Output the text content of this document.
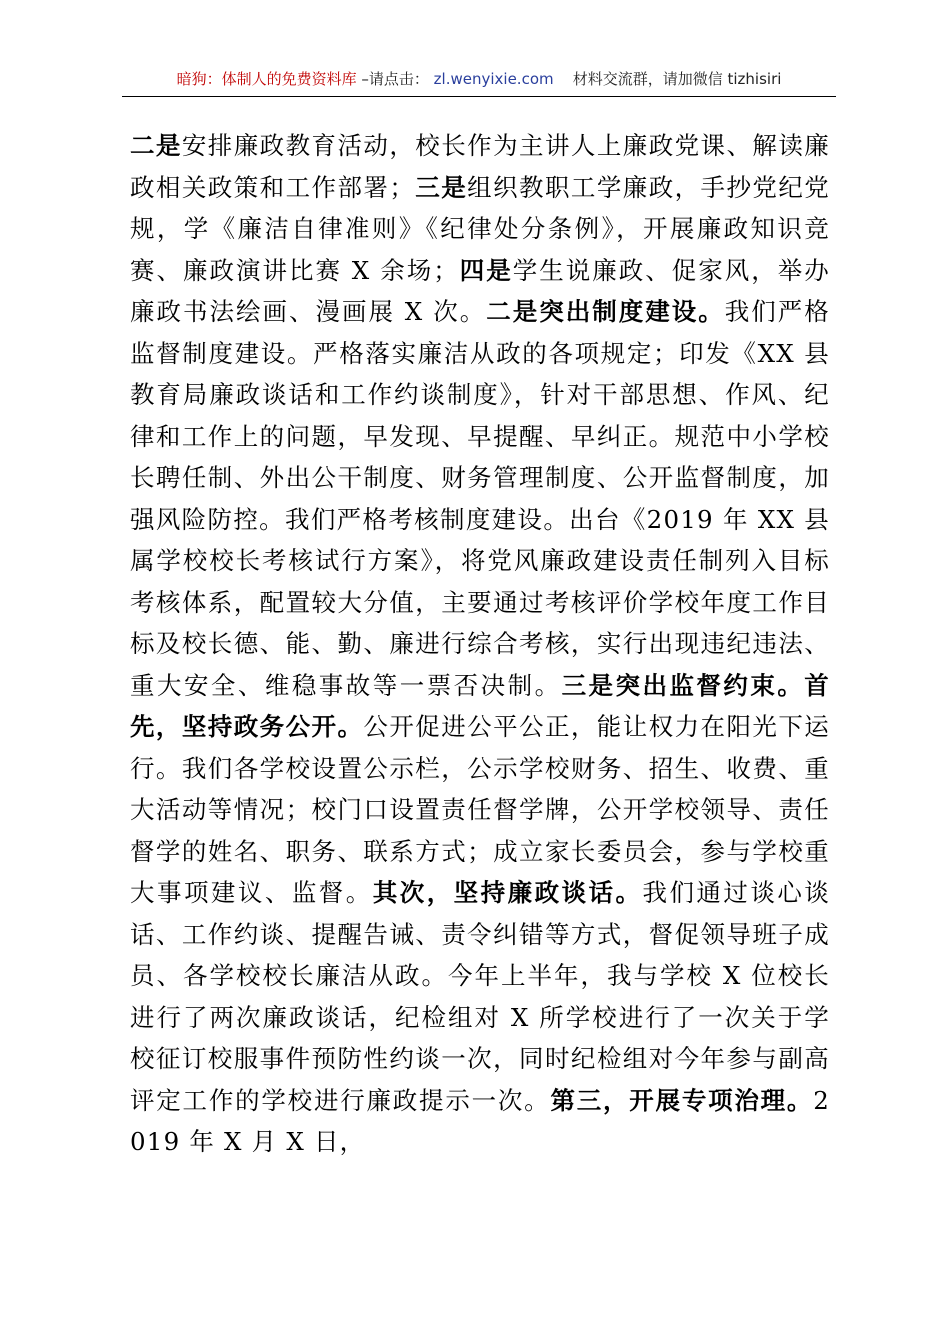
暗狗：体制人的免费资料库 –请点击： zl.wenyixie.com 材料交流群，请加微信 tizhisiri
二是安排廉政教育活动，校长作为主讲人上廉政党课、解读廉政相关政策和工作部署；三是组织教职工学廉政，手抄党纪党规，学《廉洁自律准则》《纪律处分条例》，开展廉政知识竞赛、廉政演讲比赛 X 余场；四是学生说廉政、促家风，举办廉政书法绘画、漫画展 X 次。二是突出制度建设。我们严格监督制度建设。严格落实廉洁从政的各项规定；印发《XX 县教育局廉政谈话和工作约谈制度》，针对干部思想、作风、纪律和工作上的问题，早发现、早提醒、早纠正。规范中小学校长聘任制、外出公干制度、财务管理制度、公开监督制度，加强风险防控。我们严格考核制度建设。出台《2019 年 XX 县属学校校长考核试行方案》，将党风廉政建设责任制列入目标考核体系，配置较大分值，主要通过考核评价学校年度工作目标及校长德、能、勤、廉进行综合考核，实行出现违纪违法、重大安全、维稳事故等一票否决制。三是突出监督约束。首先，坚持政务公开。公开促进公平公正，能让权力在阳光下运行。我们各学校设置公示栏，公示学校财务、招生、收费、重大活动等情况；校门口设置责任督学牌，公开学校领导、责任督学的姓名、职务、联系方式；成立家长委员会，参与学校重大事项建议、监督。其次，坚持廉政谈话。我们通过谈心谈话、工作约谈、提醒告诫、责令纠错等方式，督促领导班子成员、各学校校长廉洁从政。今年上半年，我与学校 X 位校长进行了两次廉政谈话，纪检组对 X 所学校进行了一次关于学校征订校服事件预防性约谈一次，同时纪检组对今年参与副高评定工作的学校进行廉政提示一次。第三，开展专项治理。2019 年 X 月 X 日，
